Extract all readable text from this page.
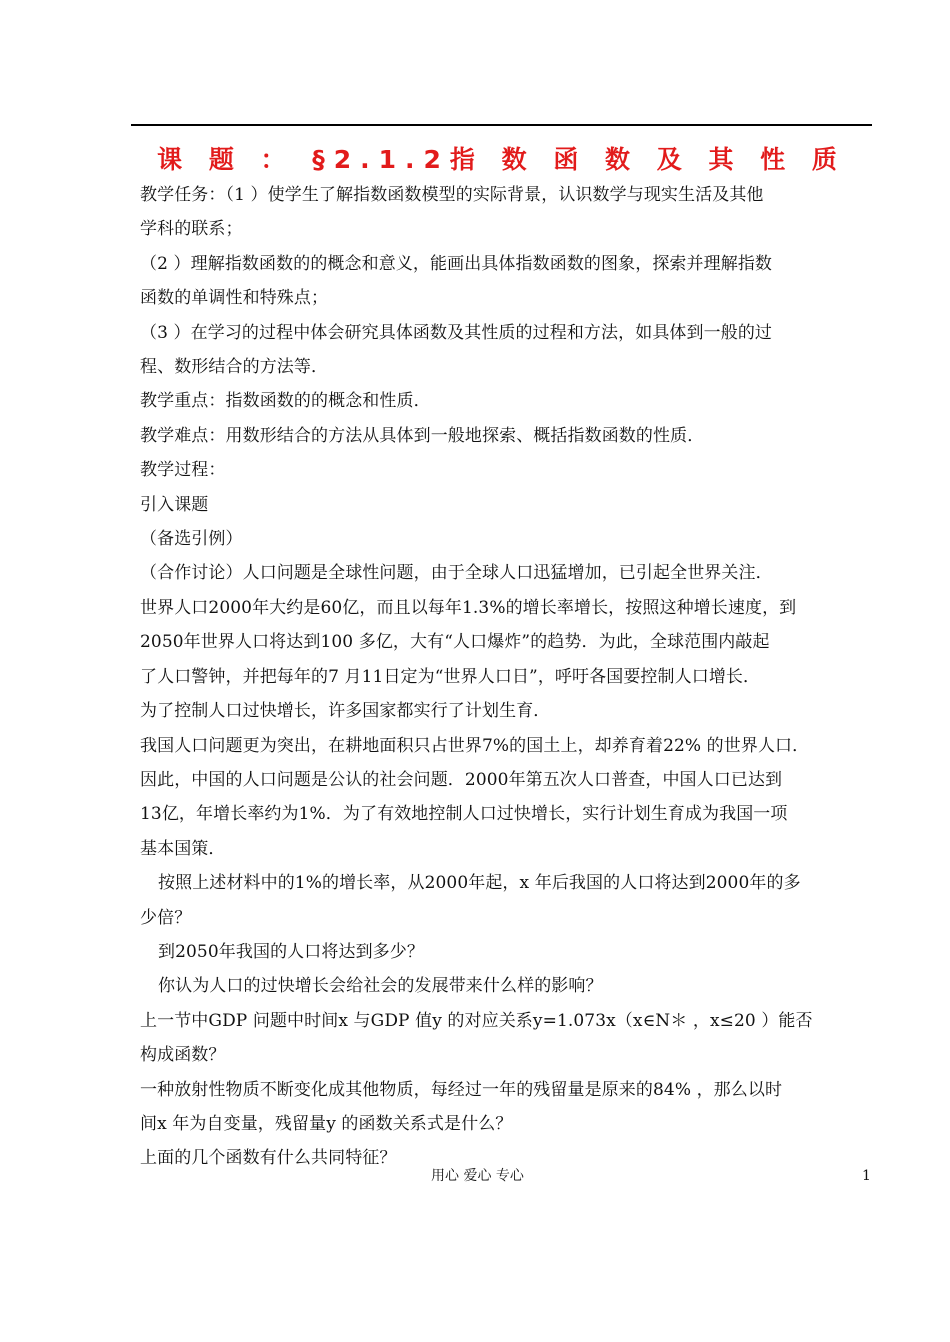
课 题 ： §2.1.2指 数 函 数 及 其 性 质

教学任务：（1 ）使学生了解指数函数模型的实际背景，认识数学与现实生活及其他

学科的联系；

（2 ）理解指数函数的的概念和意义，能画出具体指数函数的图象，探索并理解指数

函数的单调性和特殊点；

（3 ）在学习的过程中体会研究具体函数及其性质的过程和方法，如具体到一般的过

程、数形结合的方法等．

教学重点：指数函数的的概念和性质．

教学难点：用数形结合的方法从具体到一般地探索、概括指数函数的性质．

教学过程：

引入课题

（备选引例）

（合作讨论）人口问题是全球性问题，由于全球人口迅猛增加，已引起全世界关注．

世界人口2000年大约是60亿，而且以每年1.3%的增长率增长，按照这种增长速度，到

2050年世界人口将达到100 多亿，大有“人口爆炸”的趋势．为此，全球范围内敲起

了人口警钟，并把每年的7 月11日定为“世界人口日”，呼吁各国要控制人口增长．

为了控制人口过快增长，许多国家都实行了计划生育．

我国人口问题更为突出，在耕地面积只占世界7%的国土上，却养育着22% 的世界人口．

因此，中国的人口问题是公认的社会问题．2000年第五次人口普查，中国人口已达到

13亿，年增长率约为1%．为了有效地控制人口过快增长，实行计划生育成为我国一项

基本国策．

按照上述材料中的1%的增长率，从2000年起，x 年后我国的人口将达到2000年的多

少倍？

到2050年我国的人口将达到多少？

你认为人口的过快增长会给社会的发展带来什么样的影响？

上一节中GDP 问题中时间x 与GDP 值y 的对应关系y=1.073x（x∈N＊ ，x≤20 ）能否

构成函数？

一种放射性物质不断变化成其他物质，每经过一年的残留量是原来的84% ，那么以时

间x 年为自变量，残留量y 的函数关系式是什么？

上面的几个函数有什么共同特征？

用心 爱心 专心	1
